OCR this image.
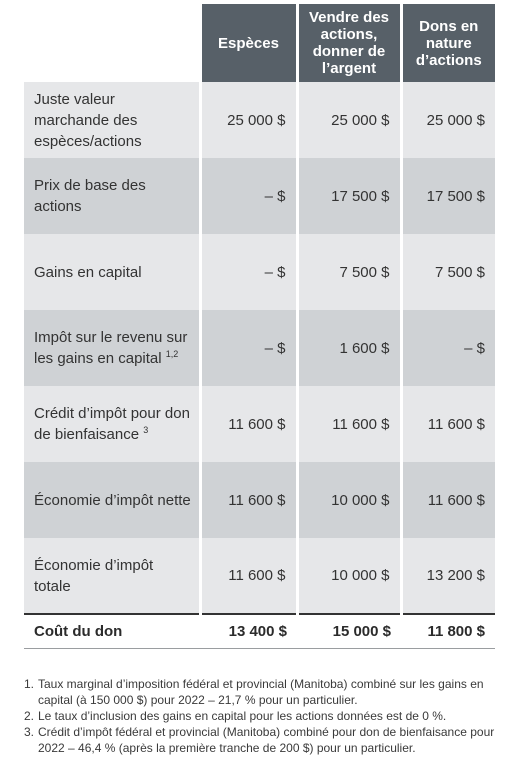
	Espèces	Vendre des actions, donner de l’argent	Dons en nature d’actions
Juste valeur marchande des espèces/actions	25 000 $	25 000 $	25 000 $
Prix de base des actions	– $	17 500 $	17 500 $
Gains en capital	– $	7 500 $	7 500 $
Impôt sur le revenu sur les gains en capital $^{1,2}$	– $	1 600 $	– $
Crédit d’impôt pour don de bienfaisance $^3$	11 600 $	11 600 $	11 600 $
Économie d’impôt nette	11 600 $	10 000 $	11 600 $
Économie d’impôt totale	11 600 $	10 000 $	13 200 $
Coût du don	13 400 $	15 000 $	11 800 $
1. Taux marginal d’imposition fédéral et provincial (Manitoba) combiné sur les gains en capital (à 150 000 $) pour 2022 – 21,7 % pour un particulier.
2. Le taux d’inclusion des gains en capital pour les actions données est de 0 %.
3. Crédit d’impôt fédéral et provincial (Manitoba) combiné pour don de bienfaisance pour 2022 – 46,4 % (après la première tranche de 200 $) pour un particulier.
